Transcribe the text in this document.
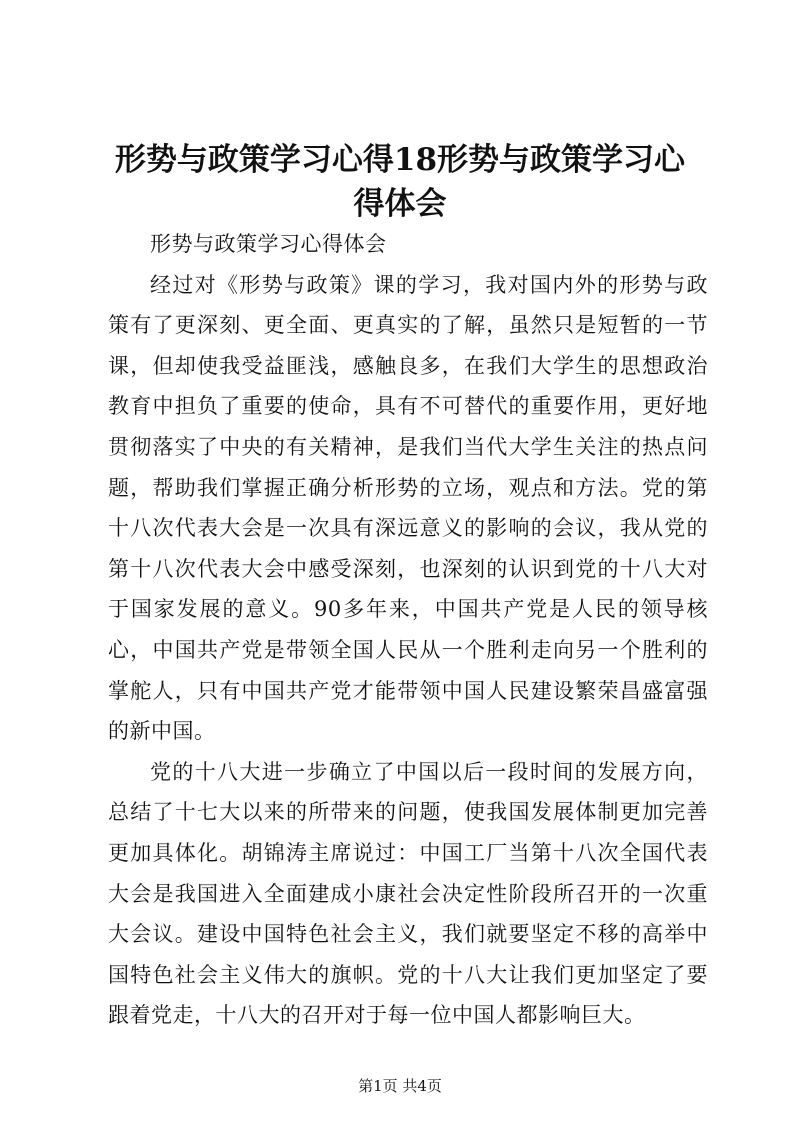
形势与政策学习心得18形势与政策学习心得体会

形势与政策学习心得体会

经过对《形势与政策》课的学习，我对国内外的形势与政策有了更深刻、更全面、更真实的了解，虽然只是短暂的一节课，但却使我受益匪浅，感触良多，在我们大学生的思想政治教育中担负了重要的使命，具有不可替代的重要作用，更好地贯彻落实了中央的有关精神，是我们当代大学生关注的热点问题，帮助我们掌握正确分析形势的立场，观点和方法。党的第十八次代表大会是一次具有深远意义的影响的会议，我从党的第十八次代表大会中感受深刻，也深刻的认识到党的十八大对于国家发展的意义。90多年来，中国共产党是人民的领导核心，中国共产党是带领全国人民从一个胜利走向另一个胜利的掌舵人，只有中国共产党才能带领中国人民建设繁荣昌盛富强的新中国。

党的十八大进一步确立了中国以后一段时间的发展方向，总结了十七大以来的所带来的问题，使我国发展体制更加完善更加具体化。胡锦涛主席说过：中国工厂当第十八次全国代表大会是我国进入全面建成小康社会决定性阶段所召开的一次重大会议。建设中国特色社会主义，我们就要坚定不移的高举中国特色社会主义伟大的旗帜。党的十八大让我们更加坚定了要跟着党走，十八大的召开对于每一位中国人都影响巨大。

第1页 共4页
